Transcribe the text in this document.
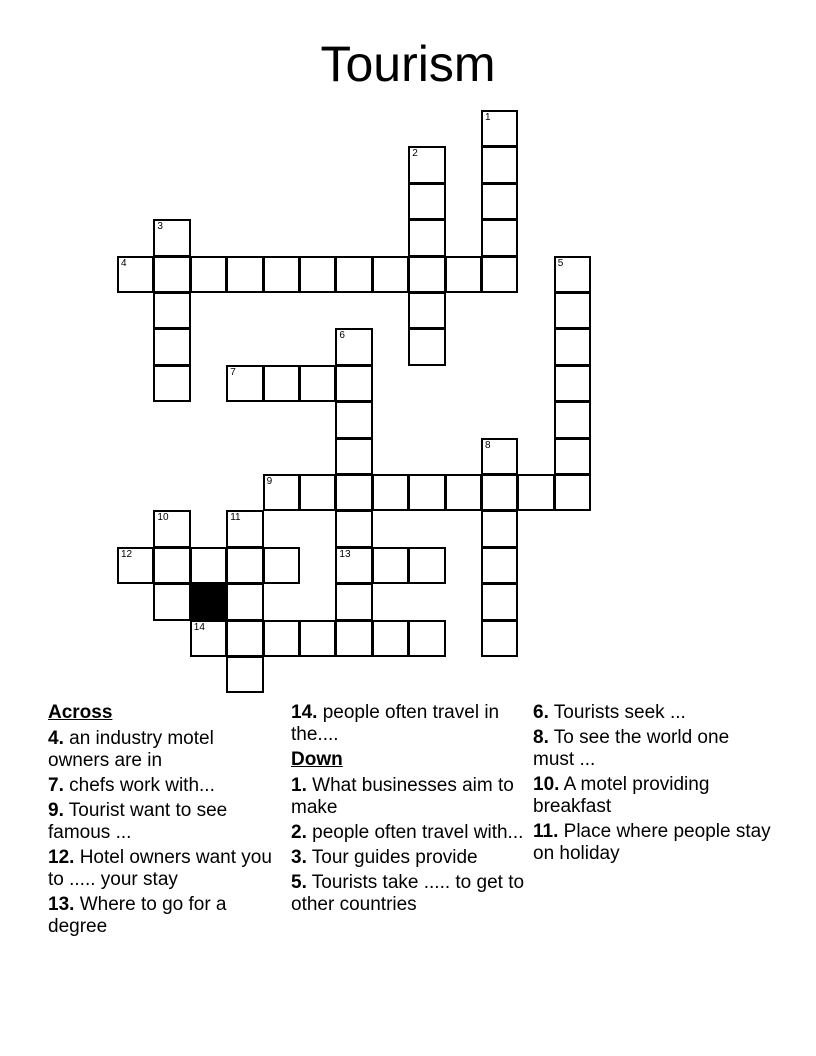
Tourism
1
2
3
4	5
6
7
8
9
10	11
12	13
14
Across
4. an industry motel owners are in
7. chefs work with...
9. Tourist want to see famous ...
12. Hotel owners want you to ..... your stay
13. Where to go for a degree
14. people often travel in the....
Down
1. What businesses aim to make
2. people often travel with...
3. Tour guides provide
5. Tourists take ..... to get to other countries
6. Tourists seek ...
8. To see the world one must ...
10. A motel providing breakfast
11. Place where people stay on holiday
